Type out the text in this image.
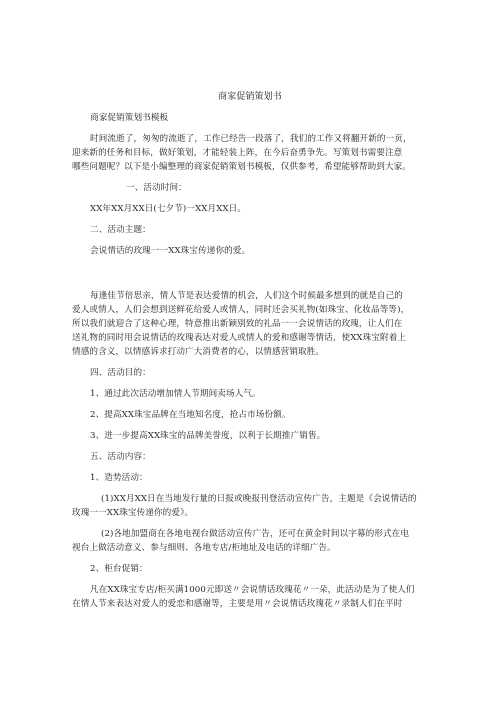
商家促销策划书
商家促销策划书模板
时间流逝了，匆匆的流逝了，工作已经告一段落了，我们的工作又将翻开新的一页，
迎来新的任务和目标，做好策划，才能轻装上阵，在今后奋勇争先。写策划书需要注意
哪些问题呢？以下是小编整理的商家促销策划书模板，仅供参考，希望能够帮助到大家。
一、活动时间：
XX年XX月XX日(七夕节)一XX月XX日。
二、活动主题：
会说情话的玫瑰一一XX珠宝传递你的爱。
每逢佳节倍思亲，情人节是表达爱情的机会，人们这个时候最多想到的就是自己的
爱人或情人，人们会想到送鲜花给爱人或情人，同时还会买礼物(如珠宝、化妆品等等)，
所以我们就迎合了这种心理，特意推出新颖别致的礼品一一会说情话的玫瑰，让人们在
送礼物的同时用会说情话的玫瑰表达对爱人或情人的爱和感谢等情话，使XX珠宝附着上
情感的含义，以情感诉求打动广大消费者的心，以情感营销取胜。
四、活动目的：
1、通过此次活动增加情人节期间卖场人气。
2、提高XX珠宝品牌在当地知名度，抢占市场份额。
3、进一步提高XX珠宝的品牌美誉度，以利于长期推广销售。
五、活动内容：
1、造势活动：
(1)XX月XX日在当地发行量的日报或晚报刊登活动宣传广告，主题是《会说情话的
玫瑰一一XX珠宝传递你的爱》。
(2)各地加盟商在各地电视台做活动宣传广告，还可在黄金时间以字幕的形式在电
视台上做活动意义、参与细则、各地专店/柜地址及电话的详细广告。
2、柜台促销：
凡在XX珠宝专店/柜买满1000元即送〃会说情话玫瑰花〃一朵，此活动是为了使人们
在情人节来表达对爱人的爱恋和感谢等，主要是用〃会说情话玫瑰花〃录制人们在平时
